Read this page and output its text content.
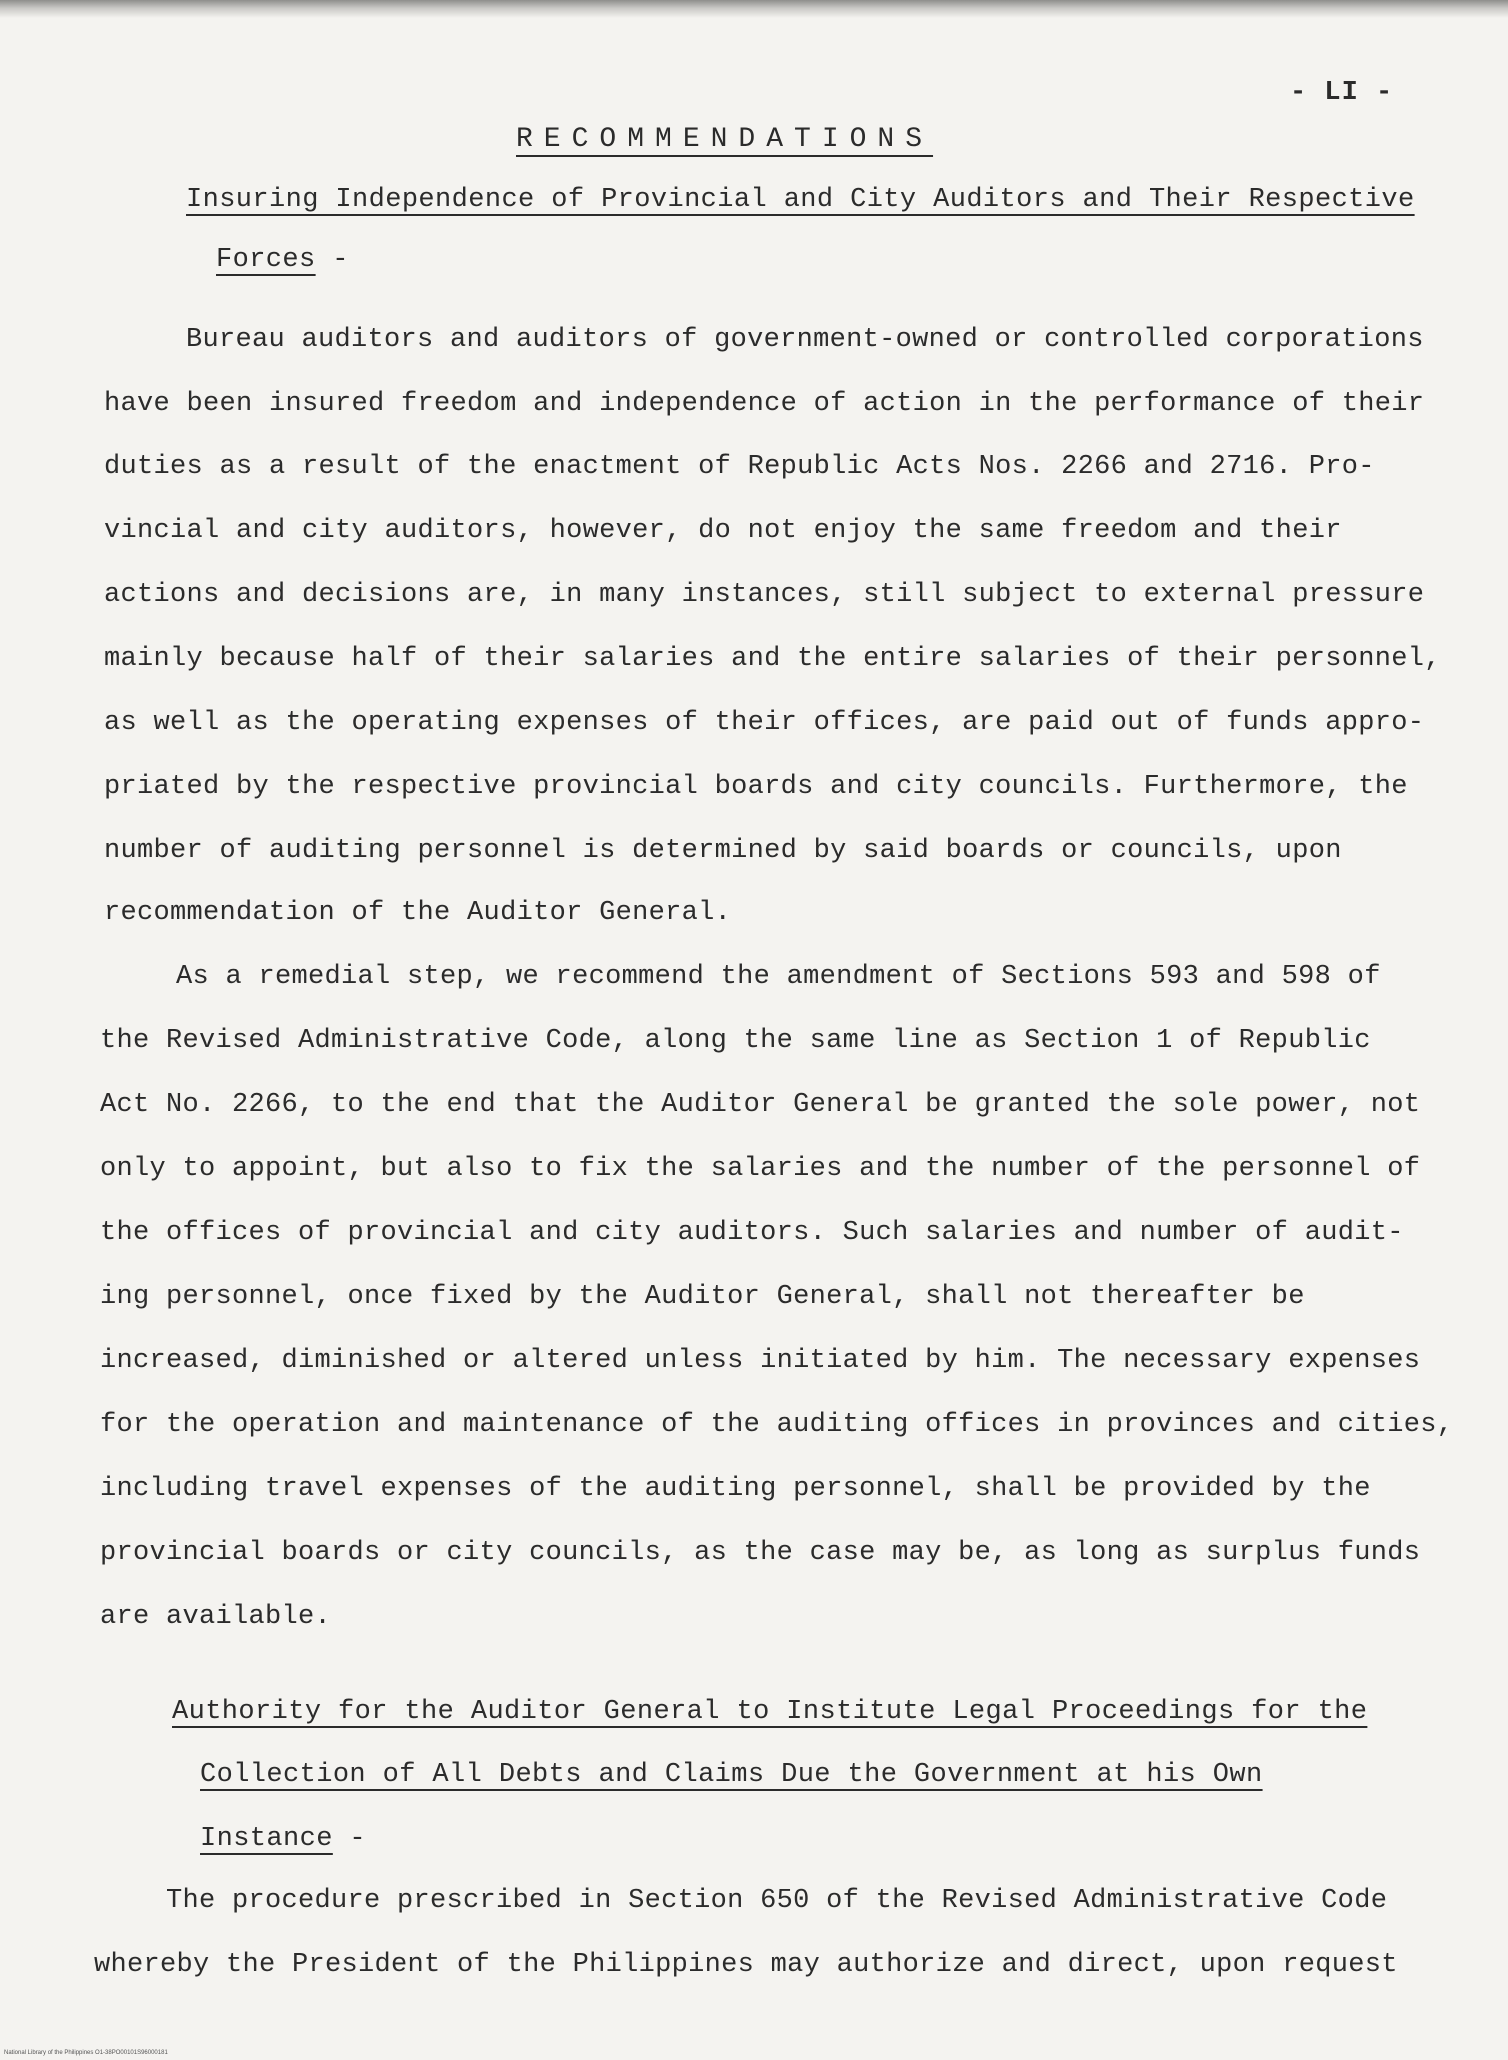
- LI -
RECOMMENDATIONS
Insuring Independence of Provincial and City Auditors and Their Respective
Forces -
Bureau auditors and auditors of government-owned or controlled corporations
have been insured freedom and independence of action in the performance of their
duties as a result of the enactment of Republic Acts Nos. 2266 and 2716. Pro-
vincial and city auditors, however, do not enjoy the same freedom and their
actions and decisions are, in many instances, still subject to external pressure
mainly because half of their salaries and the entire salaries of their personnel,
as well as the operating expenses of their offices, are paid out of funds appro-
priated by the respective provincial boards and city councils. Furthermore, the
number of auditing personnel is determined by said boards or councils, upon
recommendation of the Auditor General.
As a remedial step, we recommend the amendment of Sections 593 and 598 of
the Revised Administrative Code, along the same line as Section 1 of Republic
Act No. 2266, to the end that the Auditor General be granted the sole power, not
only to appoint, but also to fix the salaries and the number of the personnel of
the offices of provincial and city auditors. Such salaries and number of audit-
ing personnel, once fixed by the Auditor General, shall not thereafter be
increased, diminished or altered unless initiated by him. The necessary expenses
for the operation and maintenance of the auditing offices in provinces and cities,
including travel expenses of the auditing personnel, shall be provided by the
provincial boards or city councils, as the case may be, as long as surplus funds
are available.
Authority for the Auditor General to Institute Legal Proceedings for the
Collection of All Debts and Claims Due the Government at his Own
Instance -
The procedure prescribed in Section 650 of the Revised Administrative Code
whereby the President of the Philippines may authorize and direct, upon request
National Library of the Philippines O1-38PO00101S96000181
